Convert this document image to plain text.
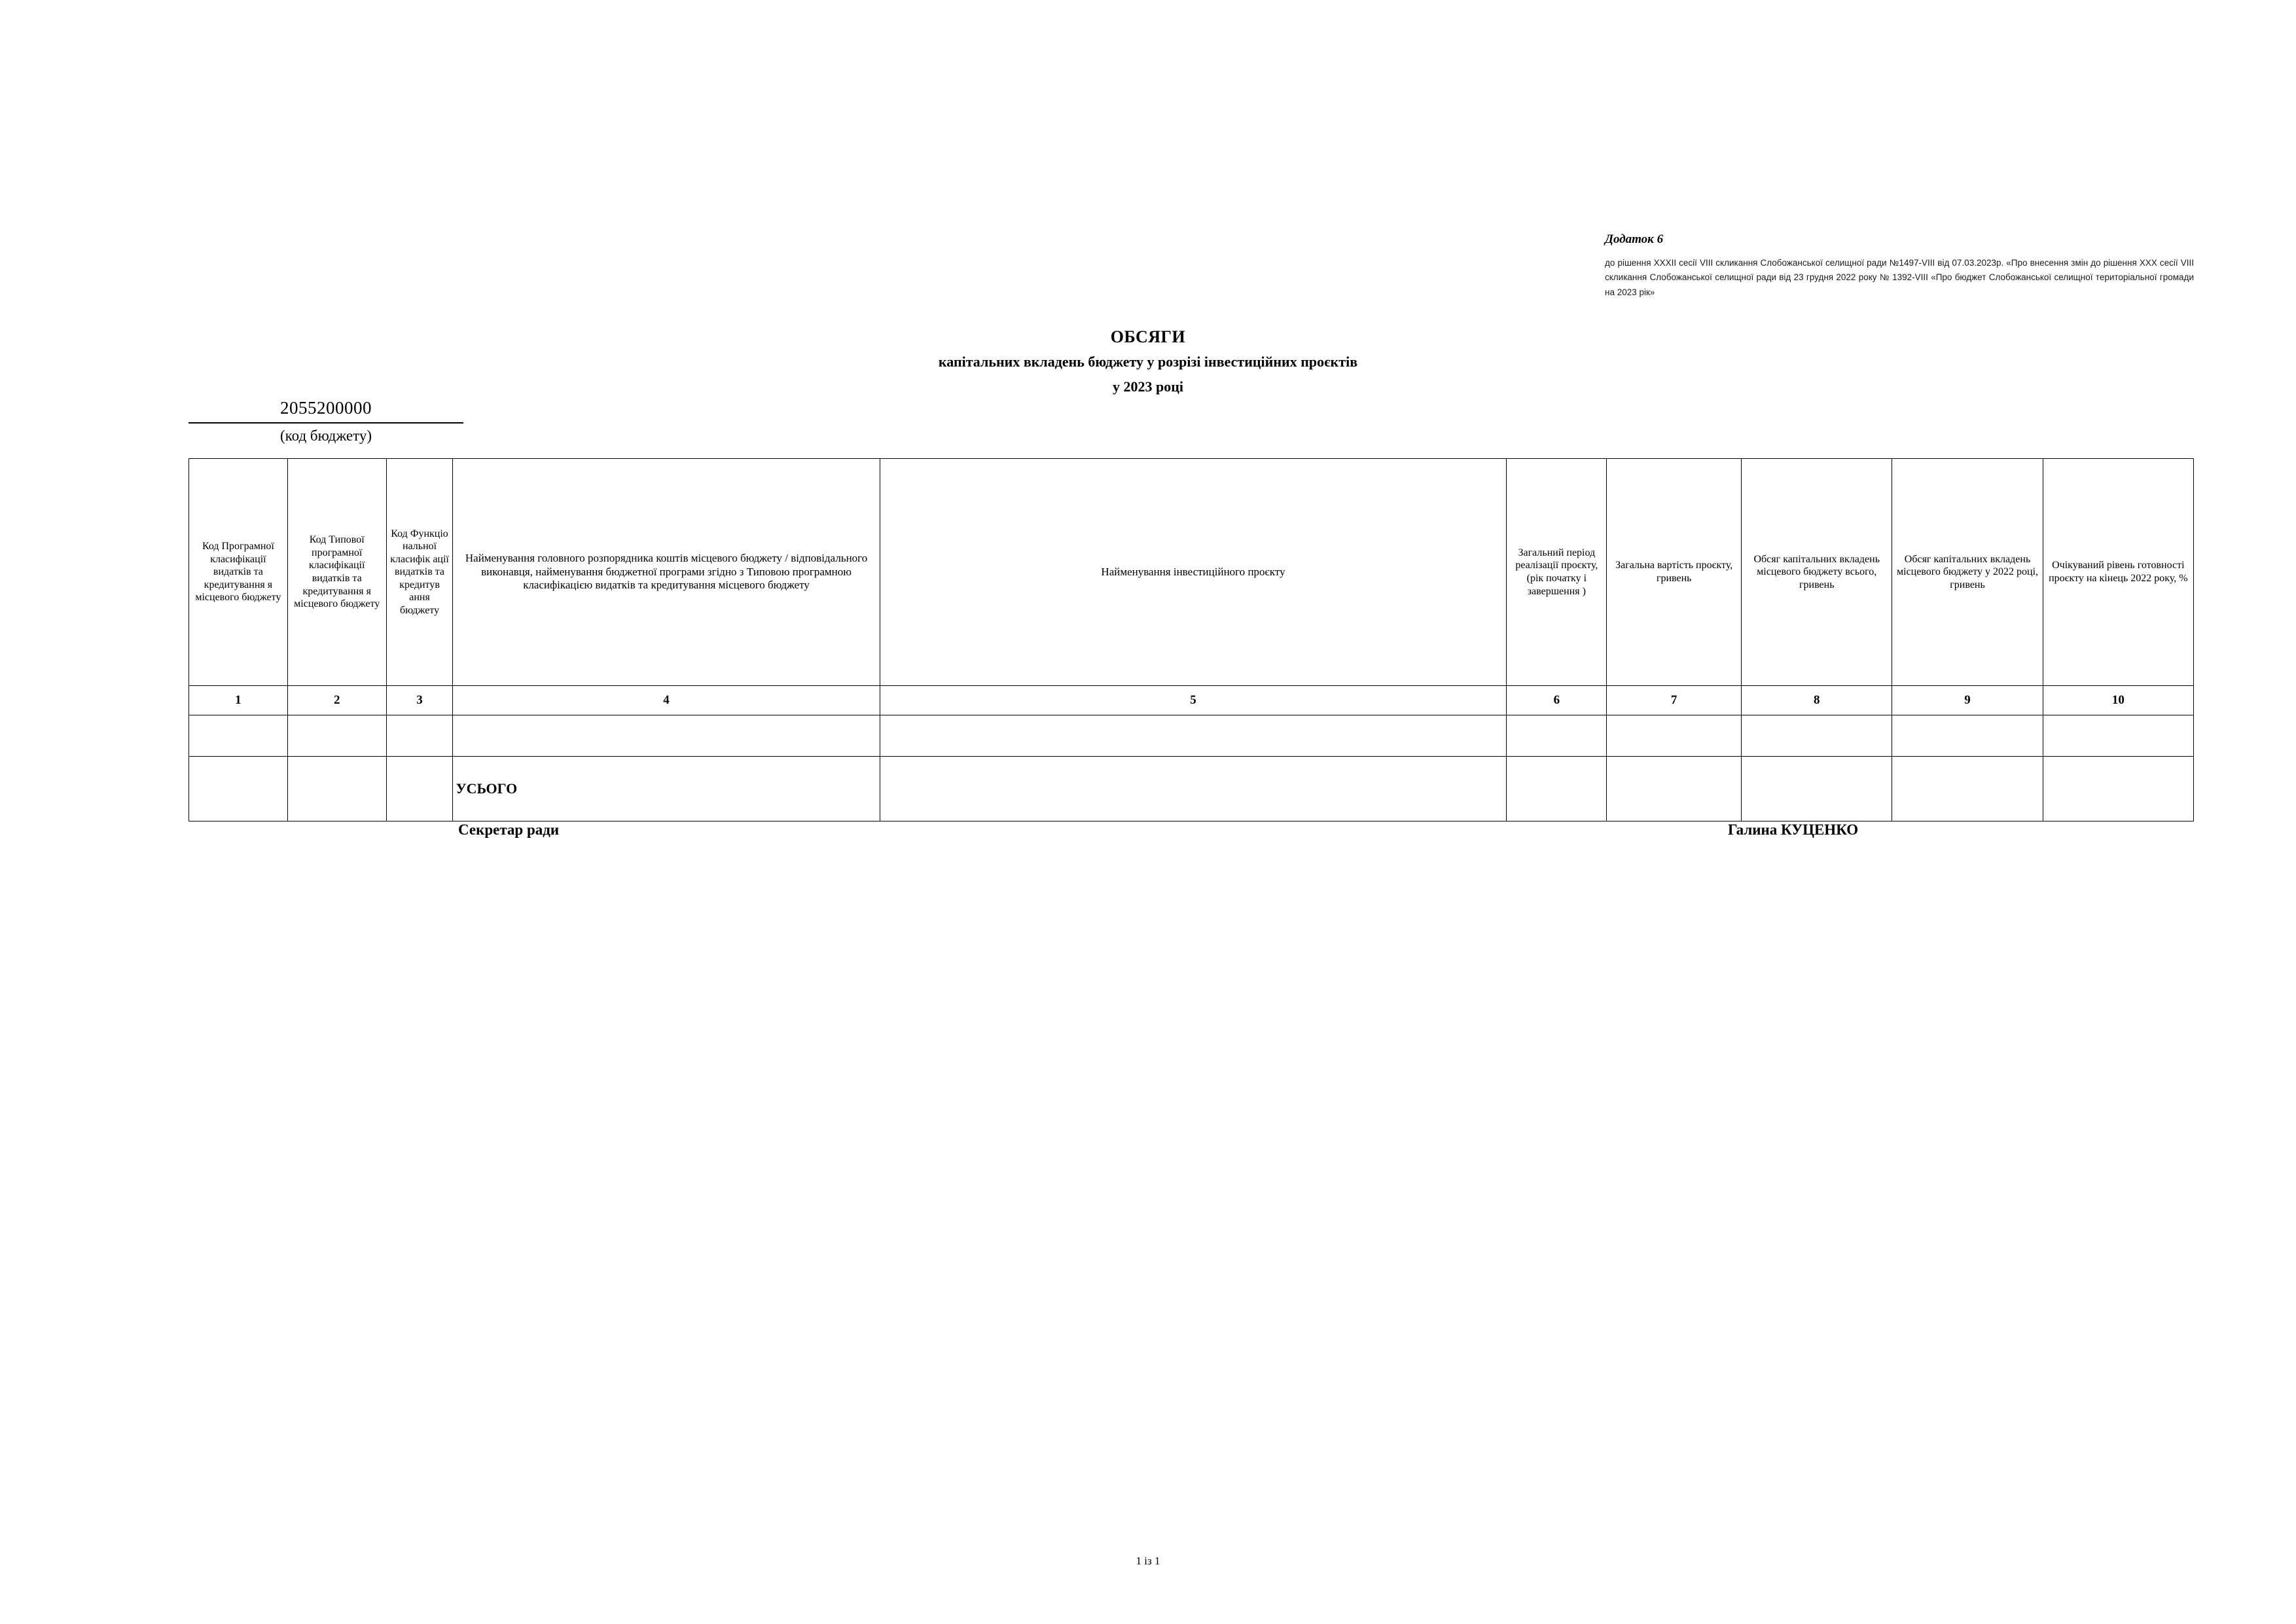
Додаток 6
до рішення XXXIІ сесії VІІІ скликання Слобожанської селищної ради №1497-VIII від 07.03.2023р. «Про внесення змін до рішення XXX сесії VIII скликання Слобожанської селищної ради від 23 грудня 2022 року № 1392-VIII «Про бюджет Слобожанської селищної територіальної громади на 2023 рік»
ОБСЯГИ
капітальних вкладень бюджету у розрізі інвестиційних проєктів
у 2023 році
2055200000
(код бюджету)
Код Програмної класифікації видатків та кредитування я місцевого бюджету	Код Типової програмної класифікації видатків та кредитування я місцевого бюджету	Код Функціо нальної класифік ації видатків та кредитув ання бюджету	Найменування головного розпорядника коштів місцевого бюджету / відповідального виконавця, найменування бюджетної програми згідно з Типовою програмною класифікацією видатків та кредитування місцевого бюджету	Найменування інвестиційного проєкту	Загальний період реалізації проєкту, (рік початку і завершення )	Загальна вартість проєкту, гривень	Обсяг капітальних вкладень місцевого бюджету всього, гривень	Обсяг капітальних вкладень місцевого бюджету у 2022 році, гривень	Очікуваний рівень готовності проєкту на кінець 2022 року, %
1	2	3	4	5	6	7	8	9	10

			УСЬОГО						
Секретар ради	Галина КУЦЕНКО
1 із 1
